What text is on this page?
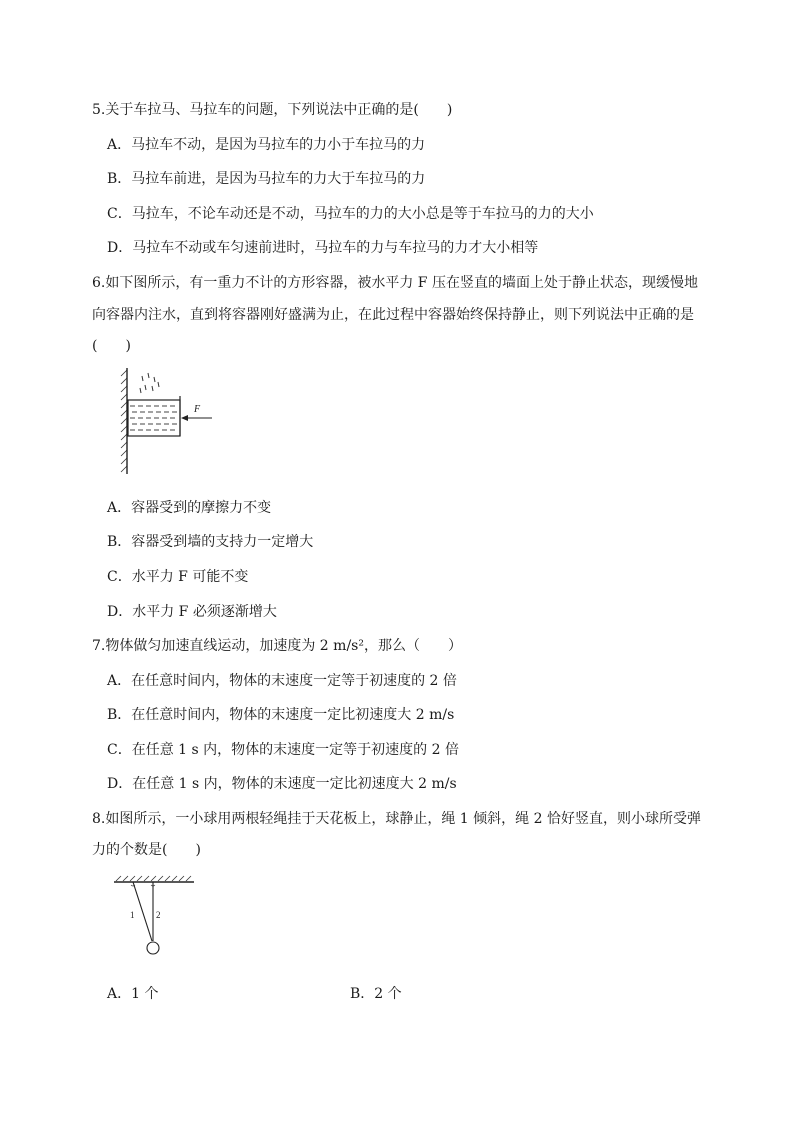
5.关于车拉马、马拉车的问题，下列说法中正确的是(　　)
A．马拉车不动，是因为马拉车的力小于车拉马的力
B．马拉车前进，是因为马拉车的力大于车拉马的力
C．马拉车，不论车动还是不动，马拉车的力的大小总是等于车拉马的力的大小
D．马拉车不动或车匀速前进时，马拉车的力与车拉马的力才大小相等
6.如下图所示，有一重力不计的方形容器，被水平力 F 压在竖直的墙面上处于静止状态，现缓慢地
向容器内注水，直到将容器刚好盛满为止，在此过程中容器始终保持静止，则下列说法中正确的是
(　　)
F
A．容器受到的摩擦力不变
B．容器受到墙的支持力一定增大
C．水平力 F 可能不变
D．水平力 F 必须逐渐增大
7.物体做匀加速直线运动，加速度为 2 m/s²，那么（　　）
A．在任意时间内，物体的末速度一定等于初速度的 2 倍
B．在任意时间内，物体的末速度一定比初速度大 2 m/s
C．在任意 1 s 内，物体的末速度一定等于初速度的 2 倍
D．在任意 1 s 内，物体的末速度一定比初速度大 2 m/s
8.如图所示，一小球用两根轻绳挂于天花板上，球静止，绳 1 倾斜，绳 2 恰好竖直，则小球所受弹
力的个数是(　　)
1 2
A．1 个	B．2 个
